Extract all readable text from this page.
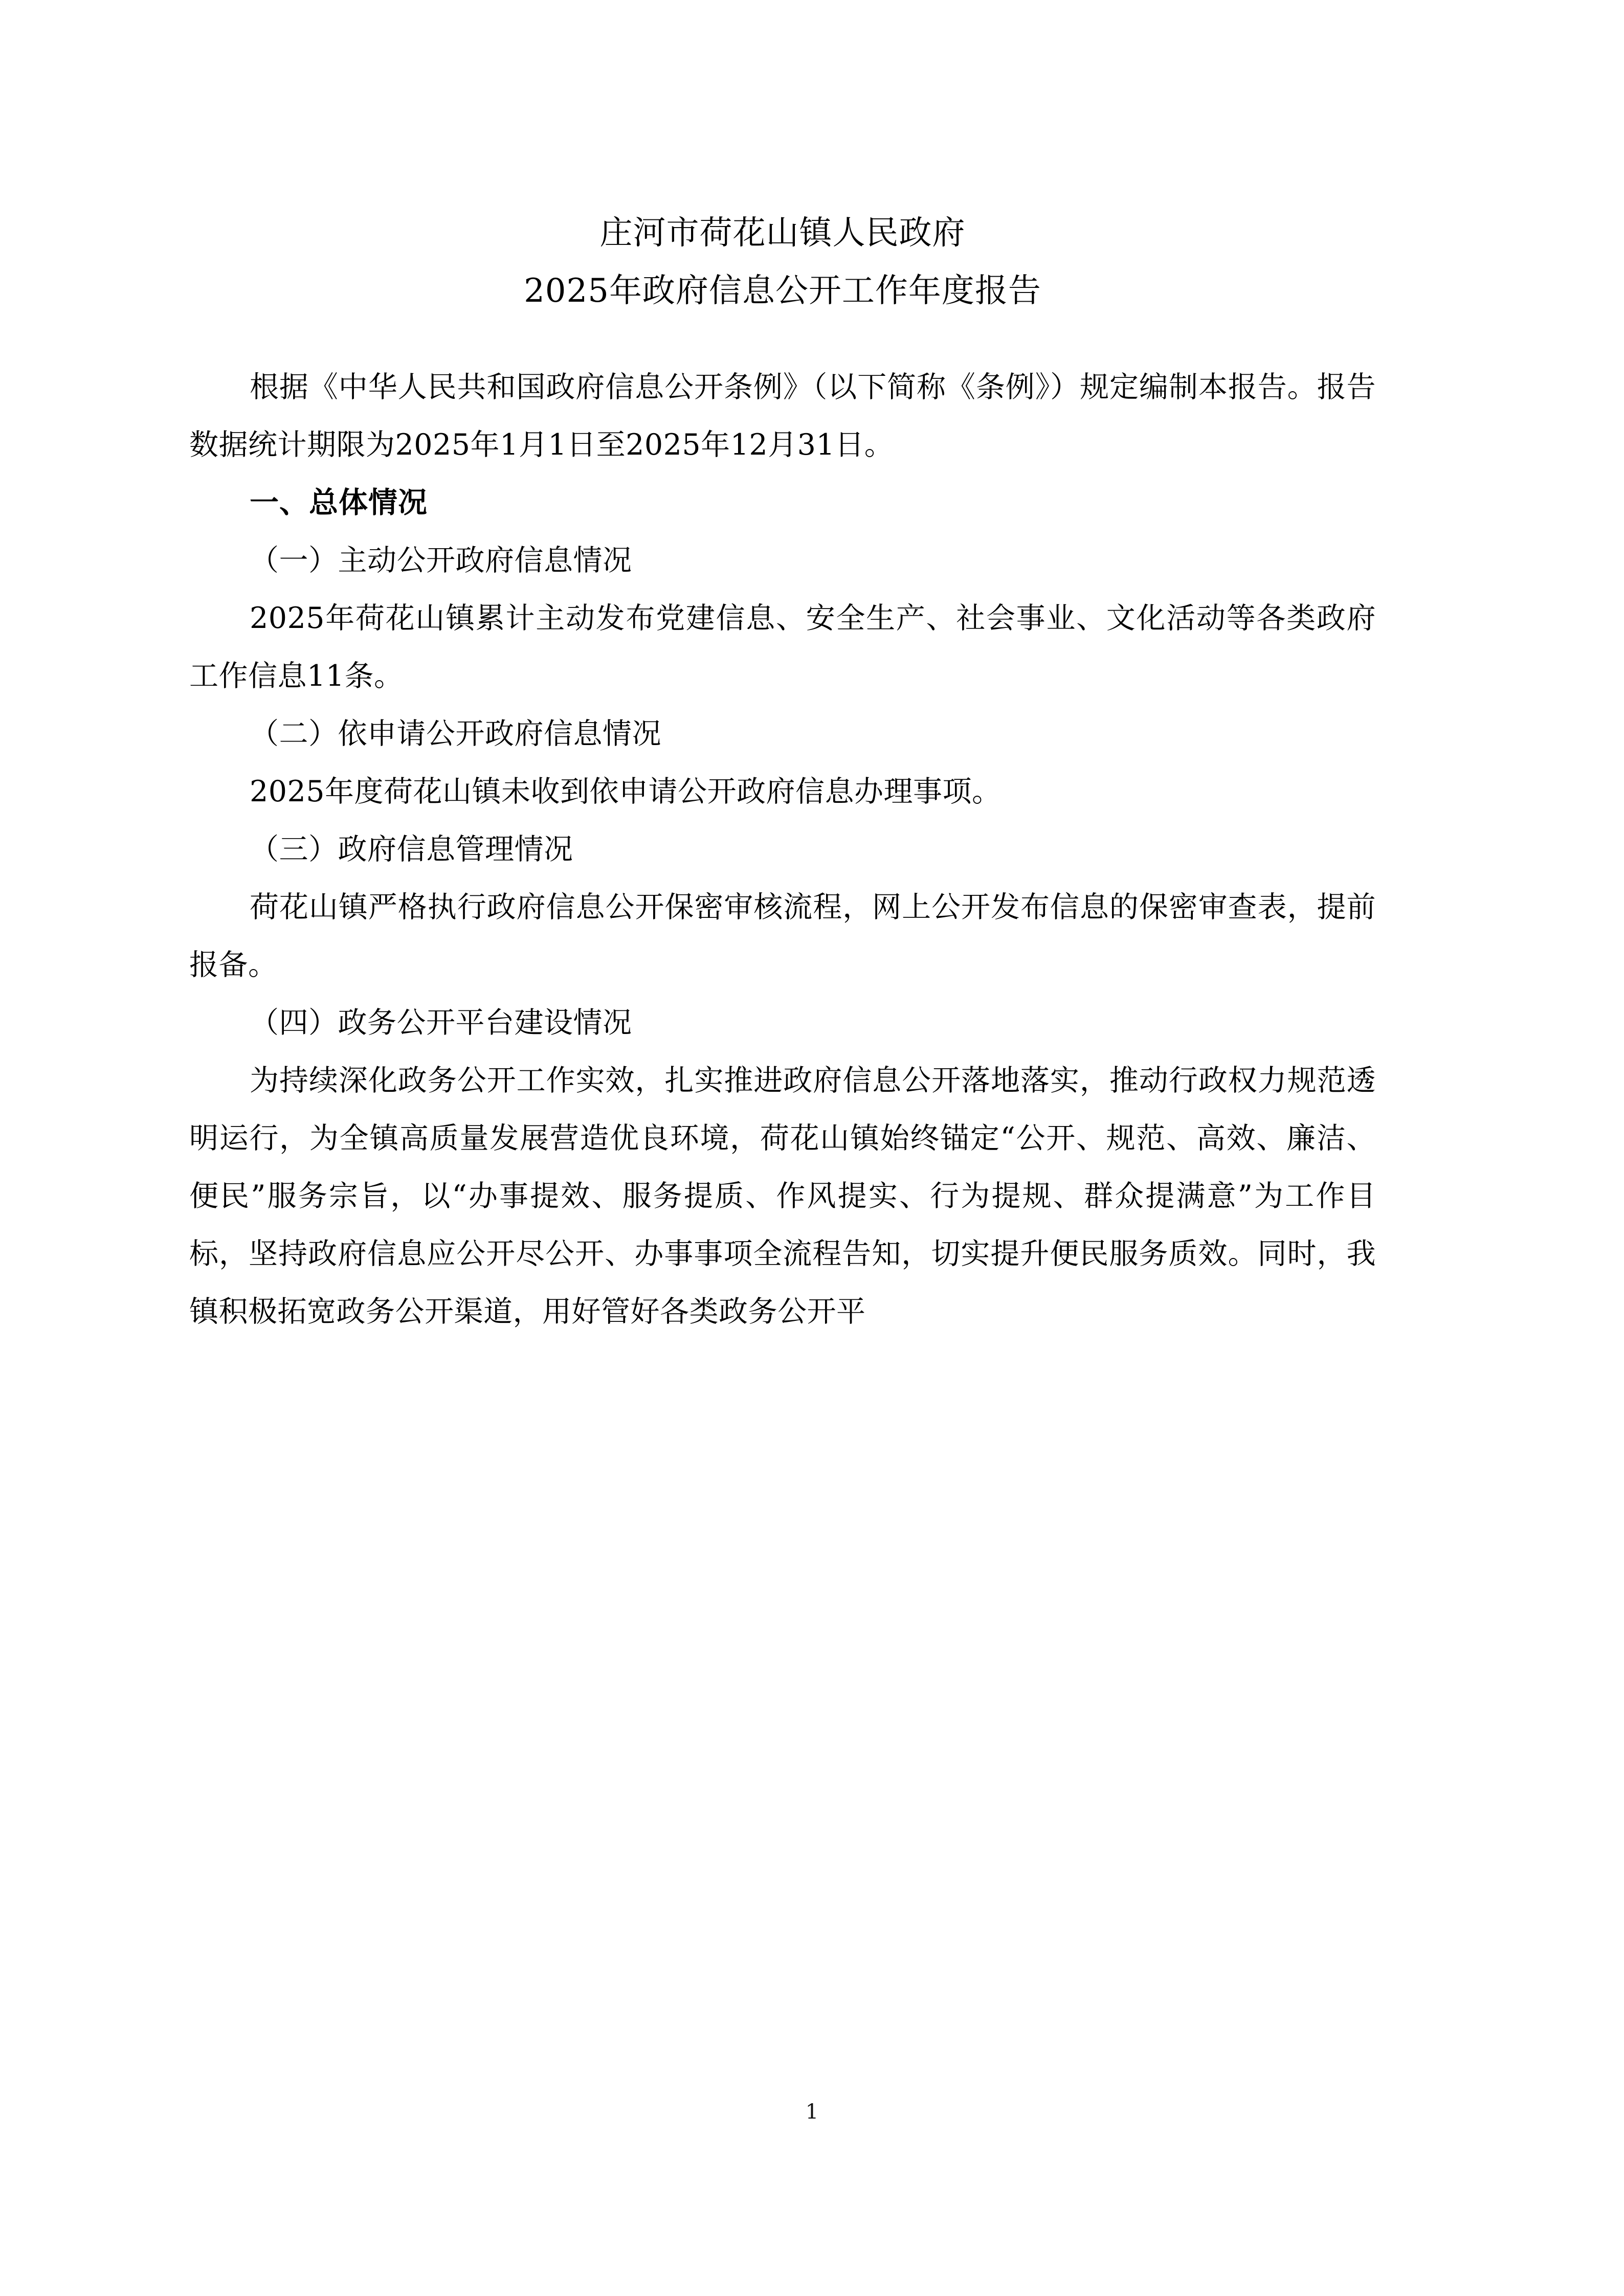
庄河市荷花山镇人民政府
2025年政府信息公开工作年度报告

根据《中华人民共和国政府信息公开条例》（以下简称《条例》）规定编制本报告。报告数据统计期限为2025年1月1日至2025年12月31日。

一、总体情况

（一）主动公开政府信息情况

2025年荷花山镇累计主动发布党建信息、安全生产、社会事业、文化活动等各类政府工作信息11条。

（二）依申请公开政府信息情况

2025年度荷花山镇未收到依申请公开政府信息办理事项。

（三）政府信息管理情况

荷花山镇严格执行政府信息公开保密审核流程，网上公开发布信息的保密审查表，提前报备。

（四）政务公开平台建设情况

为持续深化政务公开工作实效，扎实推进政府信息公开落地落实，推动行政权力规范透明运行，为全镇高质量发展营造优良环境，荷花山镇始终锚定“公开、规范、高效、廉洁、便民”服务宗旨，以“办事提效、服务提质、作风提实、行为提规、群众提满意”为工作目标，坚持政府信息应公开尽公开、办事事项全流程告知，切实提升便民服务质效。同时，我镇积极拓宽政务公开渠道，用好管好各类政务公开平

1
